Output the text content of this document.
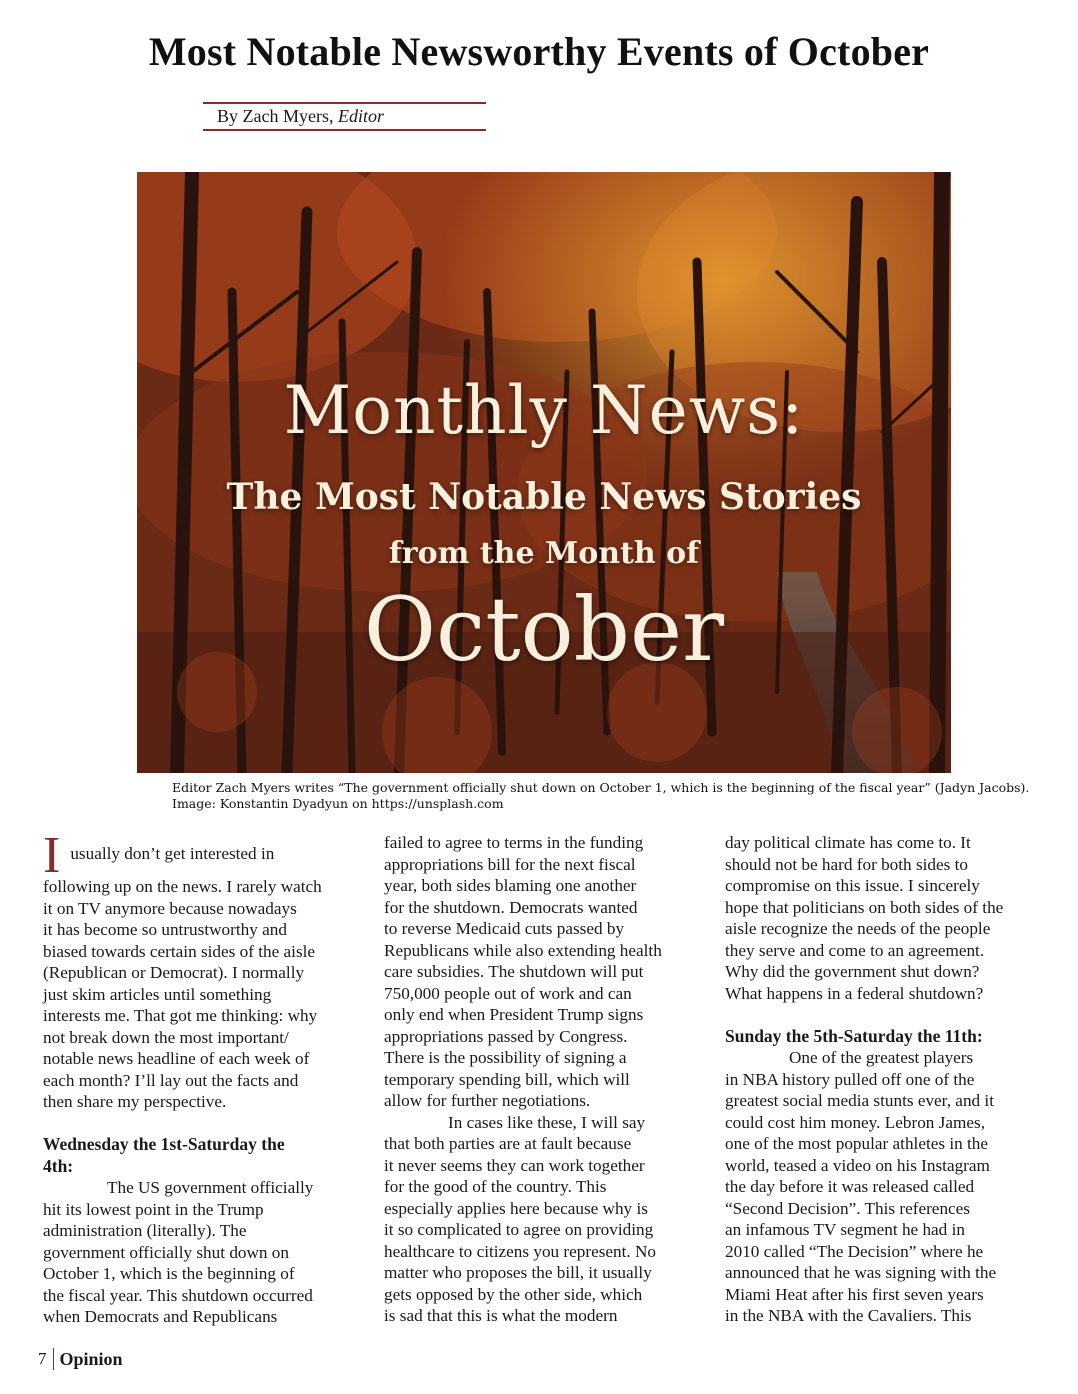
Most Notable Newsworthy Events of October
By Zach Myers, Editor
Monthly News:
The Most Notable News Stories
from the Month of
October
Editor Zach Myers writes “The government officially shut down on October 1, which is the beginning of the fiscal year” (Jadyn Jacobs).
Image: Konstantin Dyadyun on https://unsplash.com
I usually don’t get interested in
following up on the news. I rarely watch
it on TV anymore because nowadays
it has become so untrustworthy and
biased towards certain sides of the aisle
(Republican or Democrat). I normally
just skim articles until something
interests me. That got me thinking: why
not break down the most important/
notable news headline of each week of
each month? I’ll lay out the facts and
then share my perspective.
Wednesday the 1st-Saturday the
4th:
The US government officially
hit its lowest point in the Trump
administration (literally). The
government officially shut down on
October 1, which is the beginning of
the fiscal year. This shutdown occurred
when Democrats and Republicans
failed to agree to terms in the funding
appropriations bill for the next fiscal
year, both sides blaming one another
for the shutdown. Democrats wanted
to reverse Medicaid cuts passed by
Republicans while also extending health
care subsidies. The shutdown will put
750,000 people out of work and can
only end when President Trump signs
appropriations passed by Congress.
There is the possibility of signing a
temporary spending bill, which will
allow for further negotiations.
In cases like these, I will say
that both parties are at fault because
it never seems they can work together
for the good of the country. This
especially applies here because why is
it so complicated to agree on providing
healthcare to citizens you represent. No
matter who proposes the bill, it usually
gets opposed by the other side, which
is sad that this is what the modern
day political climate has come to. It
should not be hard for both sides to
compromise on this issue. I sincerely
hope that politicians on both sides of the
aisle recognize the needs of the people
they serve and come to an agreement.
Why did the government shut down?
What happens in a federal shutdown?
Sunday the 5th-Saturday the 11th:
One of the greatest players
in NBA history pulled off one of the
greatest social media stunts ever, and it
could cost him money. Lebron James,
one of the most popular athletes in the
world, teased a video on his Instagram
the day before it was released called
“Second Decision”. This references
an infamous TV segment he had in
2010 called “The Decision” where he
announced that he was signing with the
Miami Heat after his first seven years
in the NBA with the Cavaliers. This
7 Opinion
